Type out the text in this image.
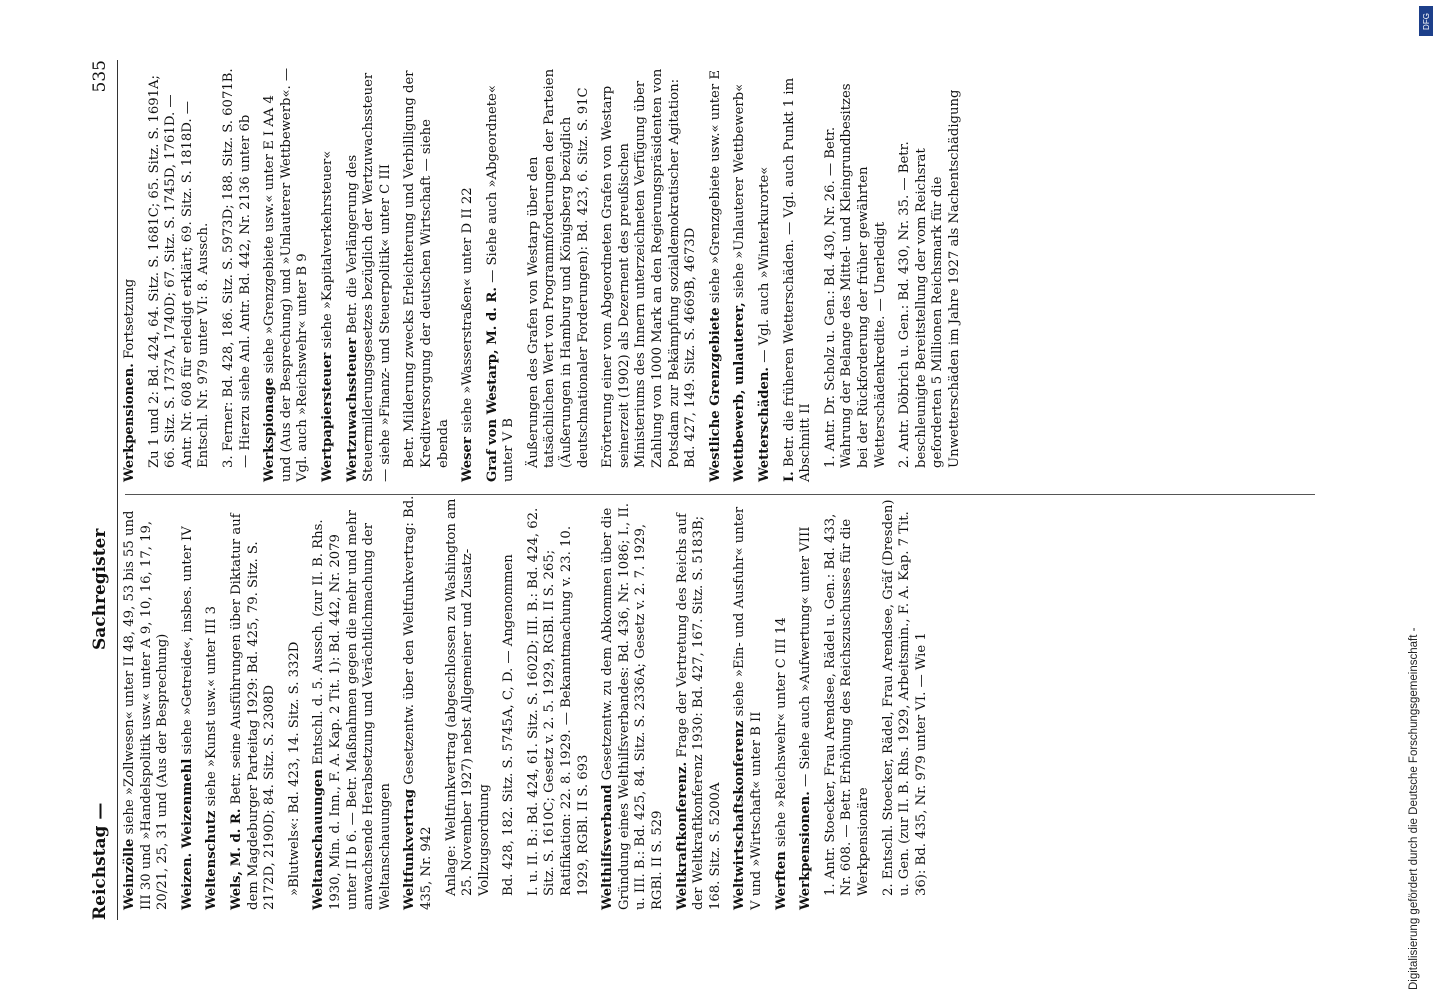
Reichstag —
Sachregister
535
Weinzölle siehe »Zollwesen« unter II 48, 49, 53 bis 55 und III 30 und »Handelspolitik usw.« unter A 9, 10, 16, 17, 19, 20/21, 25, 31 und (Aus der Besprechung) Weizen. Weizenmehl siehe »Getreide«, insbes. unter IV
Weltenschutz siehe »Kunst usw.« unter III 3
Wels, M. d. R. Betr. seine Ausführungen über Diktatur auf dem Magdeburger Parteitag 1929: Bd. 425, 79. Sitz. S. 2172D, 2190D; 84. Sitz. S. 2308D »Blutwels«: Bd. 423, 14. Sitz. S. 332D Weltanschauungen Entschl. d. 5. Aussch. (zur II. B. Rhs. 1930, Min. d. Inn., F. A. Kap. 2 Tit. 1): Bd. 442, Nr. 2079 unter II b 6. — Betr. Maßnahmen gegen die mehr und mehr anwachsende Herabsetzung und Verächtlichmachung der Weltanschauungen Weltfunkvertrag Gesetzentw. über den Weltfunkvertrag: Bd. 435, Nr. 942 Anlage: Weltfunkvertrag (abgeschlossen zu Washington am 25. November 1927) nebst Allgemeiner und Zusatz-Vollzugsordnung Bd. 428, 182. Sitz. S. 5745A, C, D. — Angenommen I. u. II. B.: Bd. 424, 61. Sitz. S. 1602D; III. B.: Bd. 424, 62. Sitz. S. 1610C; Gesetz v. 2. 5. 1929, RGBl. II S. 265; Ratifikation: 22. 8. 1929. — Bekanntmachung v. 23. 10. 1929, RGBl. II S. 693 Welthilfsverband Gesetzentw. zu dem Abkommen über die Gründung eines Welthilfsverbandes: Bd. 436, Nr. 1086; I., II. u. III. B.: Bd. 425, 84. Sitz. S. 2336A; Gesetz v. 2. 7. 1929, RGBl. II S. 529 Weltkraftkonferenz. Frage der Vertretung des Reichs auf der Weltkraftkonferenz 1930: Bd. 427, 167. Sitz. S. 5183B; 168. Sitz. S. 5200A Weltwirtschaftskonferenz siehe »Ein- und Ausfuhr« unter V und »Wirtschaft« unter B II Werften siehe »Reichswehr« unter C III 14
Werkpensionen. — Siehe auch »Aufwertung« unter VIII 1. Antr. Stoecker, Frau Arendsee, Rädel u. Gen.: Bd. 433, Nr. 608. — Betr. Erhöhung des Reichszuschusses für die Werkpensionäre 2. Entschl. Stoecker, Rädel, Frau Arendsee, Gräf (Dresden) u. Gen. (zur II. B. Rhs. 1929, Arbeitsmin., F. A. Kap. 7 Tit. 36): Bd. 435, Nr. 979 unter VI. — Wie 1
Werkpensionen. Fortsetzung Zu 1 und 2: Bd. 424, 64. Sitz. S. 1681C; 65. Sitz. S. 1691A; 66. Sitz. S. 1737A, 1740D; 67. Sitz. S. 1745D, 1761D. — Antr. Nr. 608 für erledigt erklärt; 69. Sitz. S. 1818D. — Entschl. Nr. 979 unter VI: 8. Aussch. 3. Ferner: Bd. 428, 186. Sitz. S. 5973D; 188. Sitz. S. 6071B. — Hierzu siehe Anl. Antr. Bd. 442, Nr. 2136 unter 6b Werkspionage siehe »Grenzgebiete usw.« unter E I AA 4 und (Aus der Besprechung) und »Unlauterer Wettbewerb«. — Vgl. auch »Reichswehr« unter B 9 Wertpapiersteuer siehe »Kapitalverkehrsteuer«
Wertzuwachssteuer Betr. die Verlängerung des Steuermilderungsgesetzes bezüglich der Wertzuwachssteuer — siehe »Finanz- und Steuerpolitik« unter C III Betr. Milderung zwecks Erleichterung und Verbilligung der Kreditversorgung der deutschen Wirtschaft — siehe ebenda Weser siehe »Wasserstraßen« unter D II 22 Graf von Westarp, M. d. R. — Siehe auch »Abgeordnete« unter V B Äußerungen des Grafen von Westarp über den tatsächlichen Wert von Programmforderungen der Parteien (Äußerungen in Hamburg und Königsberg bezüglich deutschnationaler Forderungen): Bd. 423, 6. Sitz. S. 91C Erörterung einer vom Abgeordneten Grafen von Westarp seinerzeit (1902) als Dezernent des preußischen Ministeriums des Innern unterzeichneten Verfügung über Zahlung von 1000 Mark an den Regierungspräsidenten von Potsdam zur Bekämpfung sozialdemokratischer Agitation: Bd. 427, 149. Sitz. S. 4669B, 4673D Westliche Grenzgebiete siehe »Grenzgebiete usw.« unter E
Wettbewerb, unlauterer, siehe »Unlauterer Wettbewerb«
Wetterschäden. — Vgl. auch »Winterkurorte«
I. Betr. die früheren Wetterschäden. — Vgl. auch Punkt 1 im Abschnitt II 1. Antr. Dr. Scholz u. Gen.: Bd. 430, Nr. 26. — Betr. Wahrung der Belange des Mittel- und Kleingrundbesitzes bei der Rückforderung der früher gewährten Wetterschädenkredite. — Unerledigt 2. Antr. Döbrich u. Gen.: Bd. 430, Nr. 35. — Betr. beschleunigte Bereitstellung der vom Reichsrat geforderten 5 Millionen Reichsmark für die Unwetterschäden im Jahre 1927 als Nachentschädigung
Digitalisierung gefördert durch die Deutsche Forschungsgemeinschaft -
DFG
